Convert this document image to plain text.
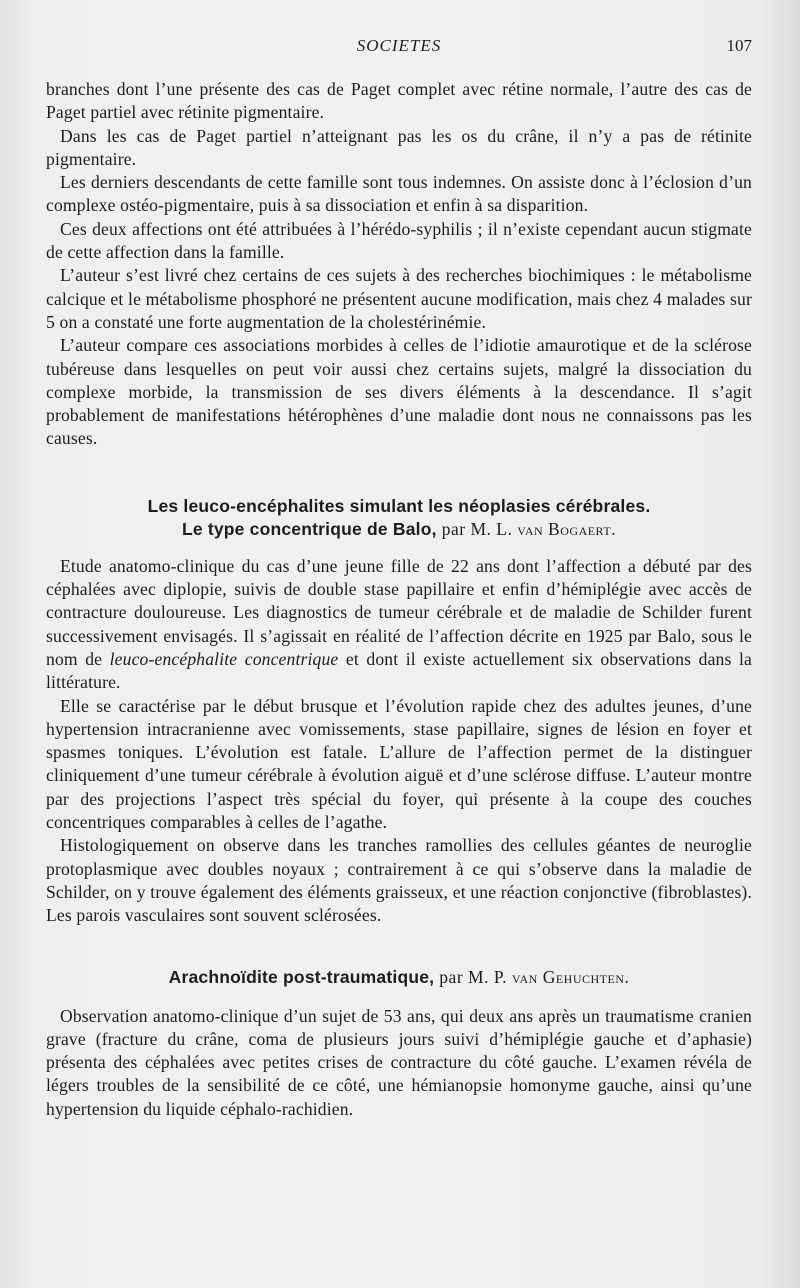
SOCIETES	107

branches dont l’une présente des cas de Paget complet avec rétine normale, l’autre des cas de Paget partiel avec rétinite pigmentaire.

Dans les cas de Paget partiel n’atteignant pas les os du crâne, il n’y a pas de rétinite pigmentaire.

Les derniers descendants de cette famille sont tous indemnes. On assiste donc à l’éclosion d’un complexe ostéo-pigmentaire, puis à sa dissociation et enfin à sa disparition.

Ces deux affections ont été attribuées à l’hérédo-syphilis ; il n’existe cependant aucun stigmate de cette affection dans la famille.

L’auteur s’est livré chez certains de ces sujets à des recherches biochimiques : le métabolisme calcique et le métabolisme phosphoré ne présentent aucune modification, mais chez 4 malades sur 5 on a constaté une forte augmentation de la cholestérinémie.

L’auteur compare ces associations morbides à celles de l’idiotie amaurotique et de la sclérose tubéreuse dans lesquelles on peut voir aussi chez certains sujets, malgré la dissociation du complexe morbide, la transmission de ses divers éléments à la descendance. Il s’agit probablement de manifestations hétérophènes d’une maladie dont nous ne connaissons pas les causes.

Les leuco-encéphalites simulant les néoplasies cérébrales.
Le type concentrique de Balo, par M. L. van Bogaert.

Etude anatomo-clinique du cas d’une jeune fille de 22 ans dont l’affection a débuté par des céphalées avec diplopie, suivis de double stase papillaire et enfin d’hémiplégie avec accès de contracture douloureuse. Les diagnostics de tumeur cérébrale et de maladie de Schilder furent successivement envisagés. Il s’agissait en réalité de l’affection décrite en 1925 par Balo, sous le nom de leuco-encéphalite concentrique et dont il existe actuellement six observations dans la littérature.

Elle se caractérise par le début brusque et l’évolution rapide chez des adultes jeunes, d’une hypertension intracranienne avec vomissements, stase papillaire, signes de lésion en foyer et spasmes toniques. L’évolution est fatale. L’allure de l’affection permet de la distinguer cliniquement d’une tumeur cérébrale à évolution aiguë et d’une sclérose diffuse. L’auteur montre par des projections l’aspect très spécial du foyer, qui présente à la coupe des couches concentriques comparables à celles de l’agathe.

Histologiquement on observe dans les tranches ramollies des cellules géantes de neuroglie protoplasmique avec doubles noyaux ; contrairement à ce qui s’observe dans la maladie de Schilder, on y trouve également des éléments graisseux, et une réaction conjonctive (fibroblastes). Les parois vasculaires sont souvent sclérosées.

Arachnoïdite post-traumatique, par M. P. van Gehuchten.

Observation anatomo-clinique d’un sujet de 53 ans, qui deux ans après un traumatisme cranien grave (fracture du crâne, coma de plusieurs jours suivi d’hémiplégie gauche et d’aphasie) présenta des céphalées avec petites crises de contracture du côté gauche. L’examen révéla de légers troubles de la sensibilité de ce côté, une hémianopsie homonyme gauche, ainsi qu’une hypertension du liquide céphalo-rachidien.
